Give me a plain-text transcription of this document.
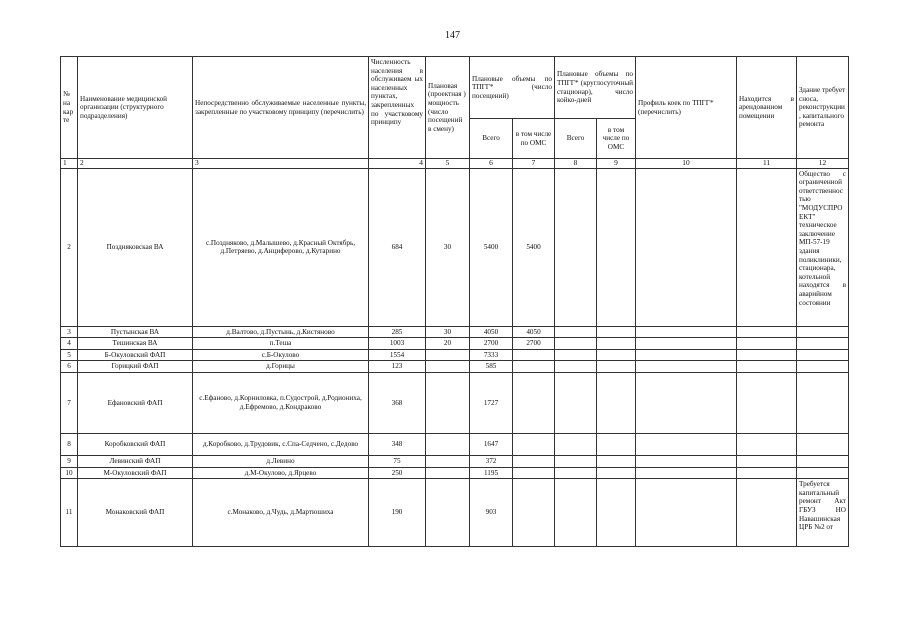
147
№ на кар те	Наименование медицинской организации (структурного подразделения)	Непосредственно обслуживаемые населенные пункты, закрепленные по участковому принципу (перечислить)	Численность населения в обслуживаем ых населенных пунктах, закрепленных по участковому принципу	Плановая (проектная ) мощность (число посещений в смену)	Плановые объемы по ТПГГ* (число посещений)		Плановые объемы по ТПГГ* (круглосуточный стационар), число койко-дней		Профиль коек по ТПГГ* (перечислить)	Находится в арендованном помещении	Здание требует сноса, реконструкции , капитального ремонта
					Всего	в том числе по ОМС	Всего	в том числе по ОМС			
1	2	3	4	5	6	7	8	9	10	11	12
2	Поздняковская ВА	с.Поздняково, д.Малышево, д.Красный Октябрь, д.Петряево, д.Анциферово, д.Кутарино	684	30	5400	5400					Общество с ограниченной ответственнос тью "МОДУСПРО ЕКТ" техническое заключение МП-57-19 здания поликлиники, стационара, котельной находятся в аварийном состоянии
3	Пустынская ВА	д.Валтово, д.Пустынь, д.Кистяново	285	30	4050	4050					
4	Тешинская ВА	п.Теша	1003	20	2700	2700					
5	Б-Окуловский ФАП	с.Б-Окулово	1554		7333						
6	Горицкий ФАП	д.Горицы	123		585						
7	Ефановский ФАП	с.Ефаново, д.Корниловка, п.Судострой, д.Родиониха, д.Ефремово, д.Кондраково	368		1727						
8	Коробковский ФАП	д.Коробково, д.Трудовик, с.Спа-Седчено, с.Дедово	348		1647						
9	Левинский ФАП	д.Левино	75		372						
10	М-Окуловский ФАП	д.М-Окулово, д.Ярцево	250		1195						
11	Монаковский ФАП	с.Монаково, д.Чудь, д.Мартюшиха	190		903						Требуется капитальный ремонт Акт ГБУЗ НО Навашинская ЦРБ №2 от
